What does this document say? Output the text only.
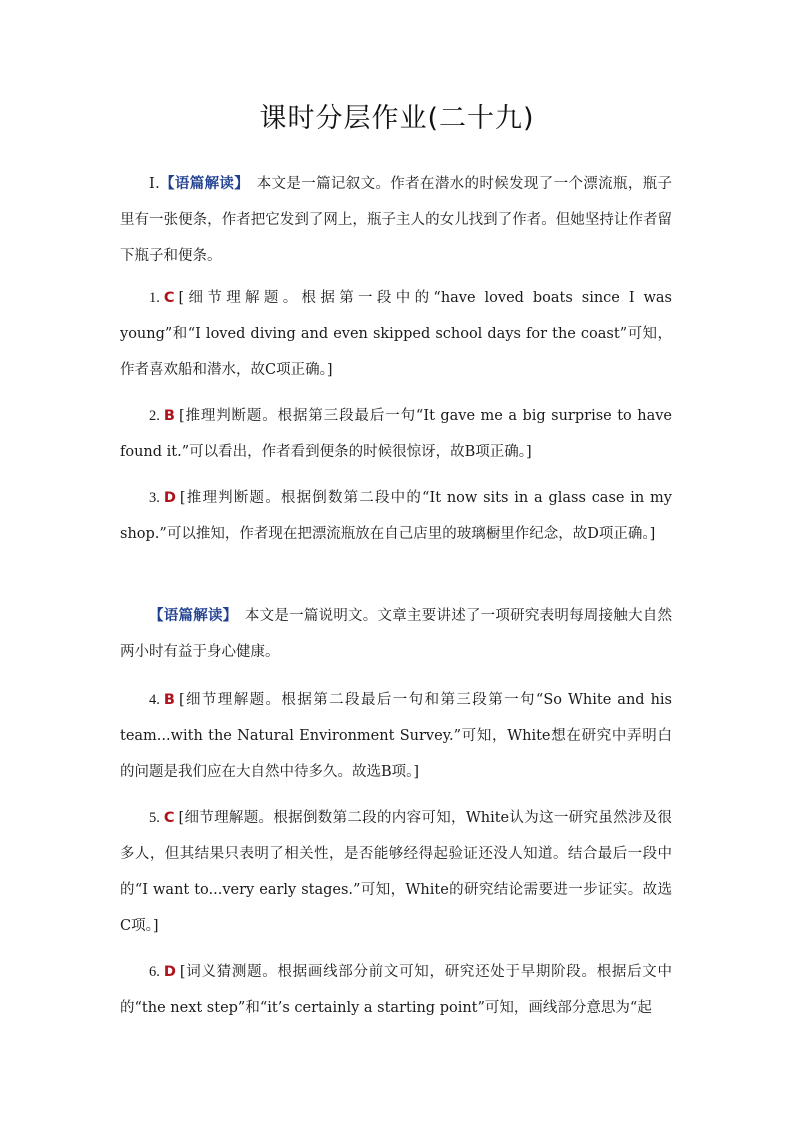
课时分层作业(二十九)

Ⅰ.【语篇解读】　本文是一篇记叙文。作者在潜水的时候发现了一个漂流瓶，瓶子里有一张便条，作者把它发到了网上，瓶子主人的女儿找到了作者。但她坚持让作者留下瓶子和便条。

1. C [细节理解题。根据第一段中的“have loved boats since I was young”和“I loved diving and even skipped school days for the coast”可知，作者喜欢船和潜水，故C项正确。]

2. B [推理判断题。根据第三段最后一句“It gave me a big surprise to have found it.”可以看出，作者看到便条的时候很惊讶，故B项正确。]

3. D [推理判断题。根据倒数第二段中的“It now sits in a glass case in my shop.”可以推知，作者现在把漂流瓶放在自己店里的玻璃橱里作纪念，故D项正确。]

【语篇解读】　本文是一篇说明文。文章主要讲述了一项研究表明每周接触大自然两小时有益于身心健康。

4. B [细节理解题。根据第二段最后一句和第三段第一句“So White and his team...with the Natural Environment Survey.”可知，White想在研究中弄明白的问题是我们应在大自然中待多久。故选B项。]

5. C [细节理解题。根据倒数第二段的内容可知，White认为这一研究虽然涉及很多人，但其结果只表明了相关性，是否能够经得起验证还没人知道。结合最后一段中的“I want to...very early stages.”可知，White的研究结论需要进一步证实。故选C项。]

6. D [词义猜测题。根据画线部分前文可知，研究还处于早期阶段。根据后文中的“the next step”和“it’s certainly a starting point”可知，画线部分意思为“起
